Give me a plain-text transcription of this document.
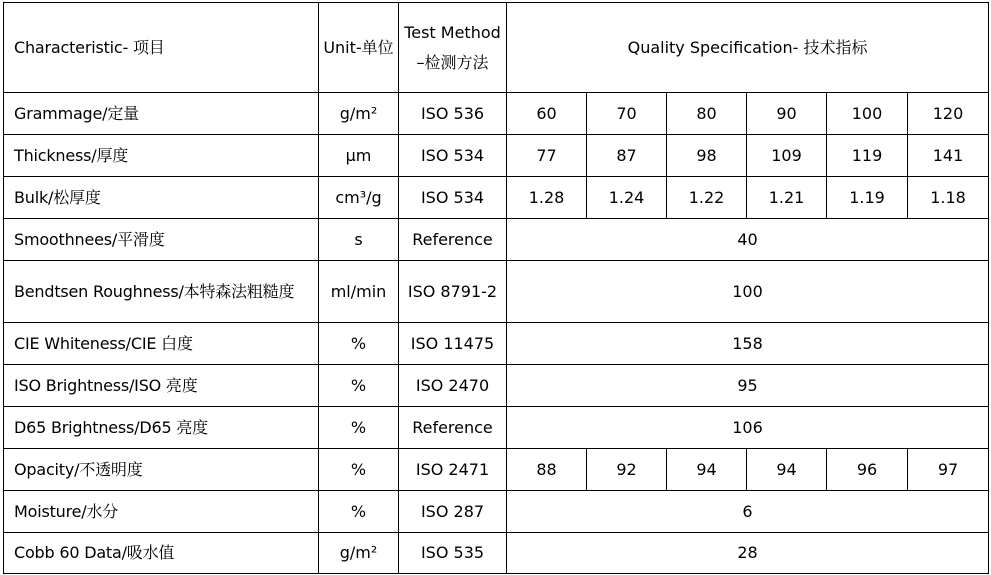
Characteristic- 项目	Unit-单位	Test Method –检测方法	Quality Specification- 技术指标					
Grammage/定量	g/m²	ISO 536	60	70	80	90	100	120
Thickness/厚度	µm	ISO 534	77	87	98	109	119	141
Bulk/松厚度	cm³/g	ISO 534	1.28	1.24	1.22	1.21	1.19	1.18
Smoothnees/平滑度	s	Reference	40					
Bendtsen Roughness/本特森法粗糙度	ml/min	ISO 8791-2	100					
CIE Whiteness/CIE 白度	%	ISO 11475	158					
ISO Brightness/ISO 亮度	%	ISO 2470	95					
D65 Brightness/D65 亮度	%	Reference	106					
Opacity/不透明度	%	ISO 2471	88	92	94	94	96	97
Moisture/水分	%	ISO 287	6					
Cobb 60 Data/吸水值	g/m²	ISO 535	28					
